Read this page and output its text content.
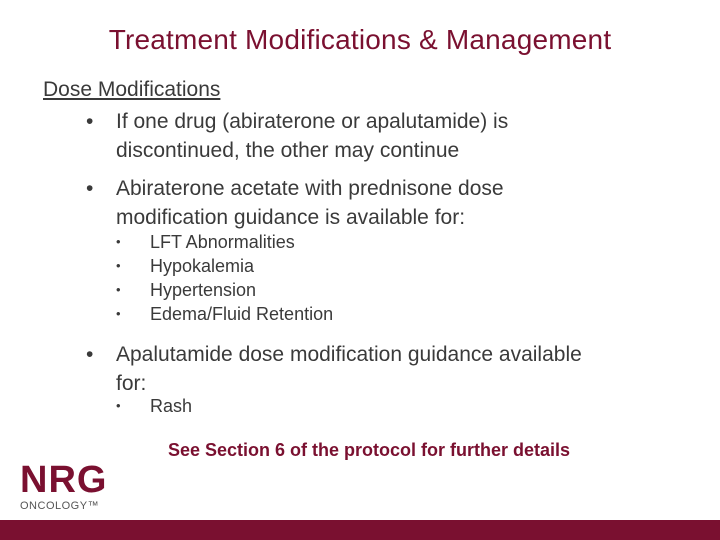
Treatment Modifications & Management
Dose Modifications
• If one drug (abiraterone or apalutamide) is
discontinued, the other may continue
• Abiraterone acetate with prednisone dose
modification guidance is available for:
• LFT Abnormalities
• Hypokalemia
• Hypertension
• Edema/Fluid Retention
• Apalutamide dose modification guidance available
for:
• Rash
See Section 6 of the protocol for further details
NRG
ONCOLOGY™
